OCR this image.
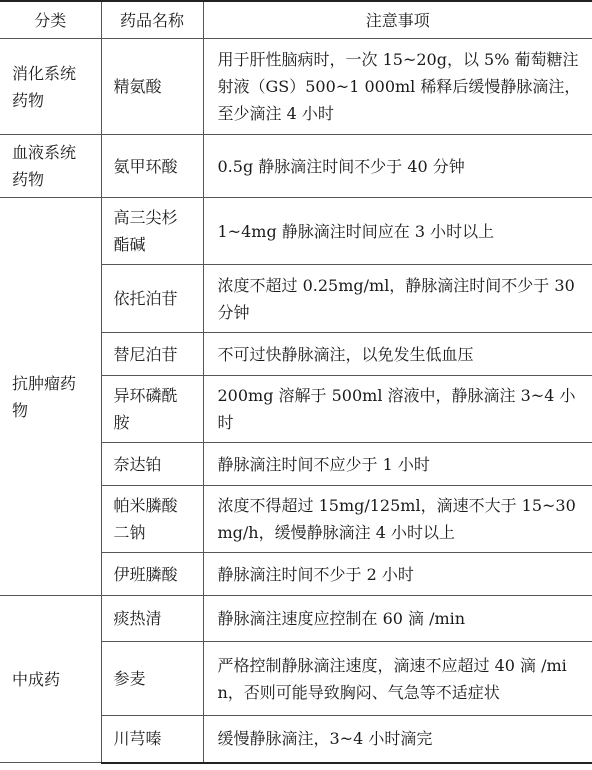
分类	药品名称	注意事项
消化系统药物	精氨酸	用于肝性脑病时，一次 15~20g，以 5% 葡萄糖注射液（GS）500~1 000ml 稀释后缓慢静脉滴注，至少滴注 4 小时
血液系统药物	氨甲环酸	0.5g 静脉滴注时间不少于 40 分钟
抗肿瘤药物	高三尖杉酯碱	1~4mg 静脉滴注时间应在 3 小时以上
	依托泊苷	浓度不超过 0.25mg/ml，静脉滴注时间不少于 30 分钟
	替尼泊苷	不可过快静脉滴注，以免发生低血压
	异环磷酰胺	200mg 溶解于 500ml 溶液中，静脉滴注 3~4 小时
	奈达铂	静脉滴注时间不应少于 1 小时
	帕米膦酸二钠	浓度不得超过 15mg/125ml，滴速不大于 15~30mg/h，缓慢静脉滴注 4 小时以上
	伊班膦酸	静脉滴注时间不少于 2 小时
中成药	痰热清	静脉滴注速度应控制在 60 滴 /min
	参麦	严格控制静脉滴注速度，滴速不应超过 40 滴 /min，否则可能导致胸闷、气急等不适症状
	川芎嗪	缓慢静脉滴注，3~4 小时滴完
